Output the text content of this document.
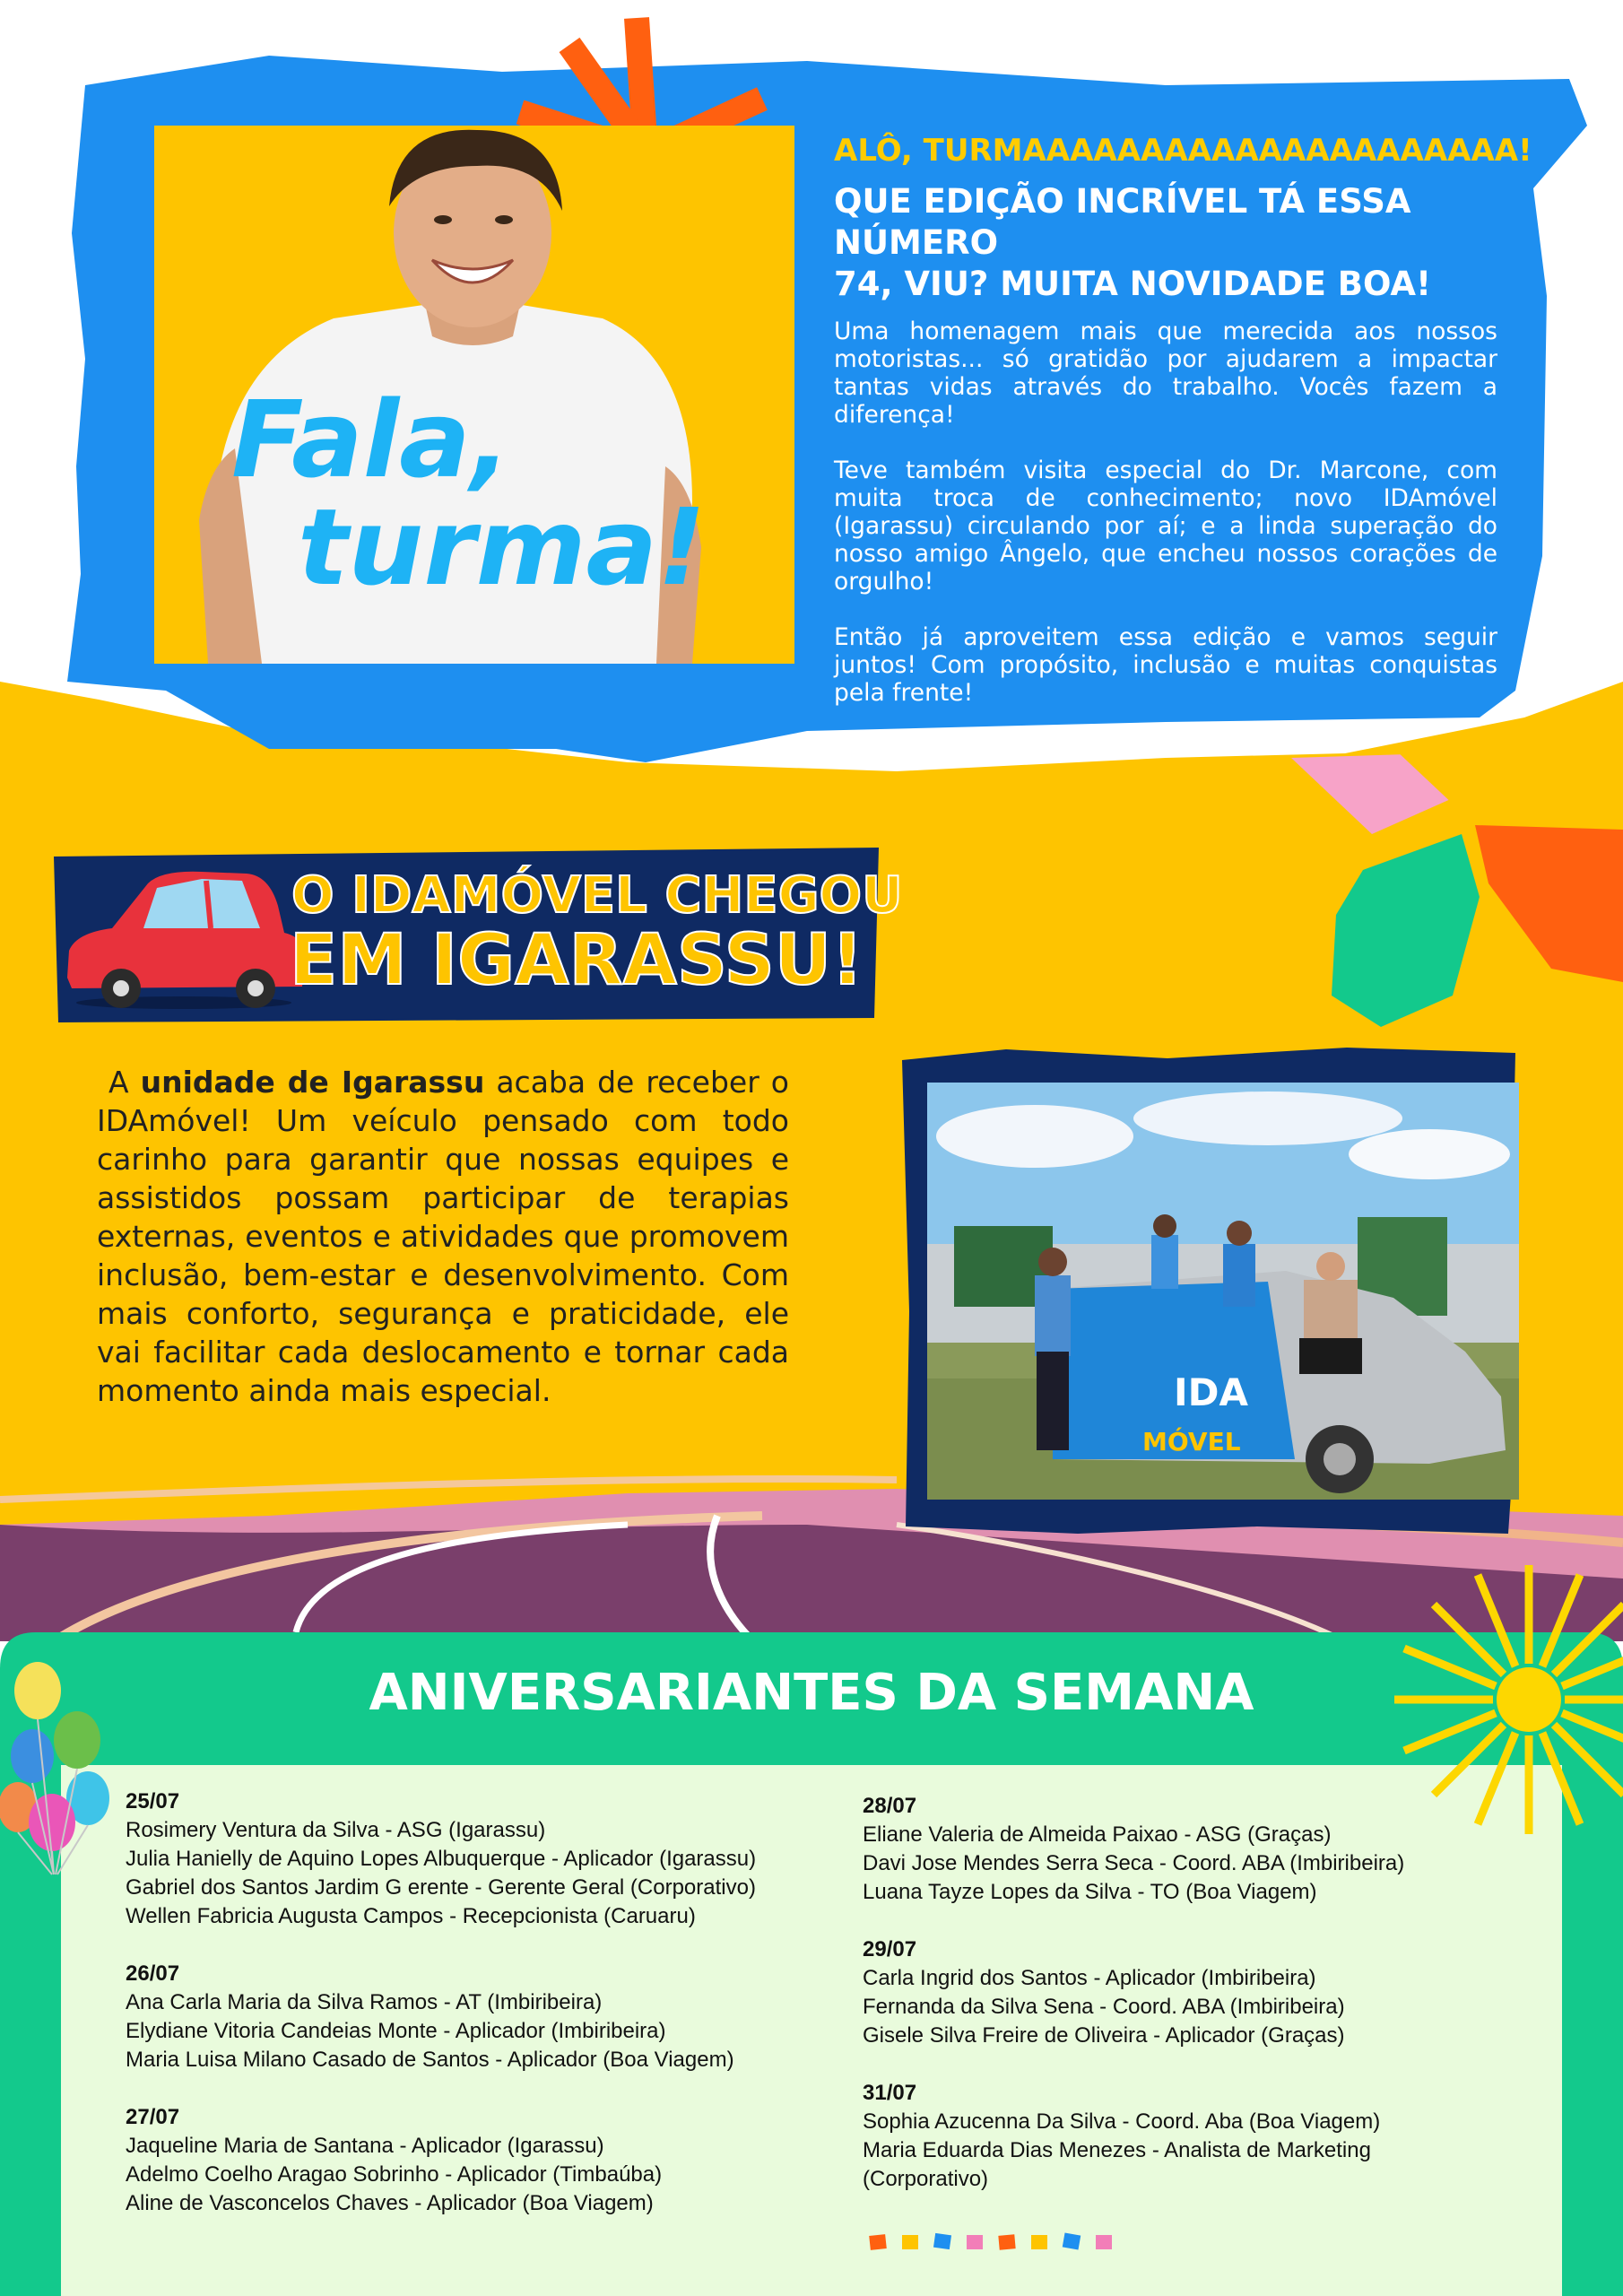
Fala,
turma!

ALÔ, TURMAAAAAAAAAAAAAAAAAAAAA!

QUE EDIÇÃO INCRÍVEL TÁ ESSA NÚMERO
74, VIU? MUITA NOVIDADE BOA!

Uma homenagem mais que merecida aos nossos motoristas... só gratidão por ajudarem a impactar tantas vidas através do trabalho. Vocês fazem a diferença!

Teve também visita especial do Dr. Marcone, com muita troca de conhecimento; novo IDAmóvel (Igarassu) circulando por aí; e a linda superação do nosso amigo Ângelo, que encheu nossos corações de orgulho!

Então já aproveitem essa edição e vamos seguir juntos! Com propósito, inclusão e muitas conquistas pela frente!

O IDAMÓVEL CHEGOU
EM IGARASSU!
A unidade de Igarassu acaba de receber o IDAmóvel! Um veículo pensado com todo carinho para garantir que nossas equipes e assistidos possam participar de terapias externas, eventos e atividades que promovem inclusão, bem-estar e desenvolvimento. Com mais conforto, segurança e praticidade, ele vai facilitar cada deslocamento e tornar cada momento ainda mais especial.	IDA
MÓVEL
ANIVERSARIANTES DA SEMANA
25/07
Rosimery Ventura da Silva - ASG (Igarassu)
Julia Hanielly de Aquino Lopes Albuquerque - Aplicador (Igarassu)
Gabriel dos Santos Jardim G erente - Gerente Geral (Corporativo)
Wellen Fabricia Augusta Campos - Recepcionista (Caruaru)
26/07
Ana Carla Maria da Silva Ramos - AT (Imbiribeira)
Elydiane Vitoria Candeias Monte - Aplicador (Imbiribeira)
Maria Luisa Milano Casado de Santos - Aplicador (Boa Viagem)
27/07
Jaqueline Maria de Santana - Aplicador (Igarassu)
Adelmo Coelho Aragao Sobrinho - Aplicador (Timbaúba)
Aline de Vasconcelos Chaves - Aplicador (Boa Viagem)
28/07
Eliane Valeria de Almeida Paixao - ASG (Graças)
Davi Jose Mendes Serra Seca - Coord. ABA (Imbiribeira)
Luana Tayze Lopes da Silva - TO (Boa Viagem)
29/07
Carla Ingrid dos Santos - Aplicador (Imbiribeira)
Fernanda da Silva Sena - Coord. ABA (Imbiribeira)
Gisele Silva Freire de Oliveira - Aplicador (Graças)
31/07
Sophia Azucenna Da Silva - Coord. Aba (Boa Viagem)
Maria Eduarda Dias Menezes - Analista de Marketing
(Corporativo)
